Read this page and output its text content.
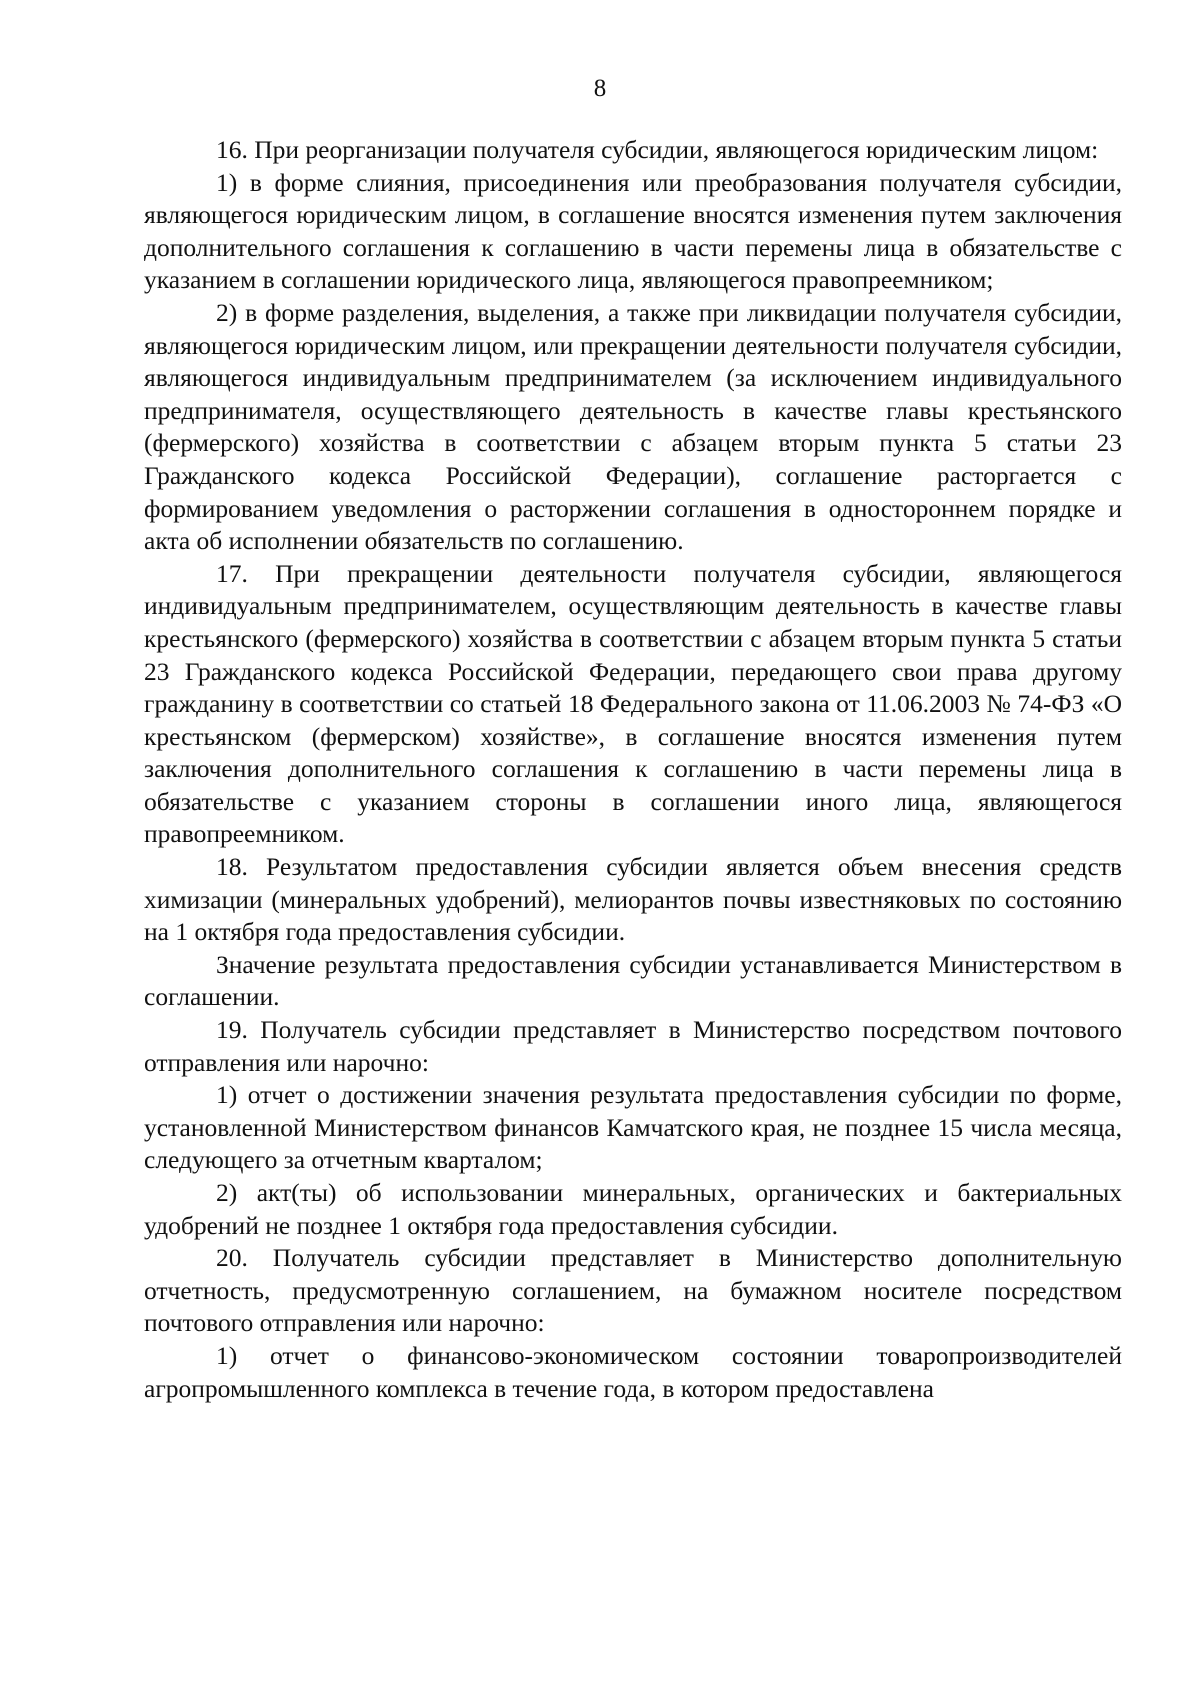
8

16. При реорганизации получателя субсидии, являющегося юридическим лицом:

1) в форме слияния, присоединения или преобразования получателя субсидии, являющегося юридическим лицом, в соглашение вносятся изменения путем заключения дополнительного соглашения к соглашению в части перемены лица в обязательстве с указанием в соглашении юридического лица, являющегося правопреемником;

2) в форме разделения, выделения, а также при ликвидации получателя субсидии, являющегося юридическим лицом, или прекращении деятельности получателя субсидии, являющегося индивидуальным предпринимателем (за исключением индивидуального предпринимателя, осуществляющего деятельность в качестве главы крестьянского (фермерского) хозяйства в соответствии с абзацем вторым пункта 5 статьи 23 Гражданского кодекса Российской Федерации), соглашение расторгается с формированием уведомления о расторжении соглашения в одностороннем порядке и акта об исполнении обязательств по соглашению.

17. При прекращении деятельности получателя субсидии, являющегося индивидуальным предпринимателем, осуществляющим деятельность в качестве главы крестьянского (фермерского) хозяйства в соответствии с абзацем вторым пункта 5 статьи 23 Гражданского кодекса Российской Федерации, передающего свои права другому гражданину в соответствии со статьей 18 Федерального закона от 11.06.2003 № 74-ФЗ «О крестьянском (фермерском) хозяйстве», в соглашение вносятся изменения путем заключения дополнительного соглашения к соглашению в части перемены лица в обязательстве с указанием стороны в соглашении иного лица, являющегося правопреемником.

18. Результатом предоставления субсидии является объем внесения средств химизации (минеральных удобрений), мелиорантов почвы известняковых по состоянию на 1 октября года предоставления субсидии.

Значение результата предоставления субсидии устанавливается Министерством в соглашении.

19. Получатель субсидии представляет в Министерство посредством почтового отправления или нарочно:

1) отчет о достижении значения результата предоставления субсидии по форме, установленной Министерством финансов Камчатского края, не позднее 15 числа месяца, следующего за отчетным кварталом;

2) акт(ты) об использовании минеральных, органических и бактериальных удобрений не позднее 1 октября года предоставления субсидии.

20. Получатель субсидии представляет в Министерство дополнительную отчетность, предусмотренную соглашением, на бумажном носителе посредством почтового отправления или нарочно:

1) отчет о финансово-экономическом состоянии товаропроизводителей агропромышленного комплекса в течение года, в котором предоставлена
